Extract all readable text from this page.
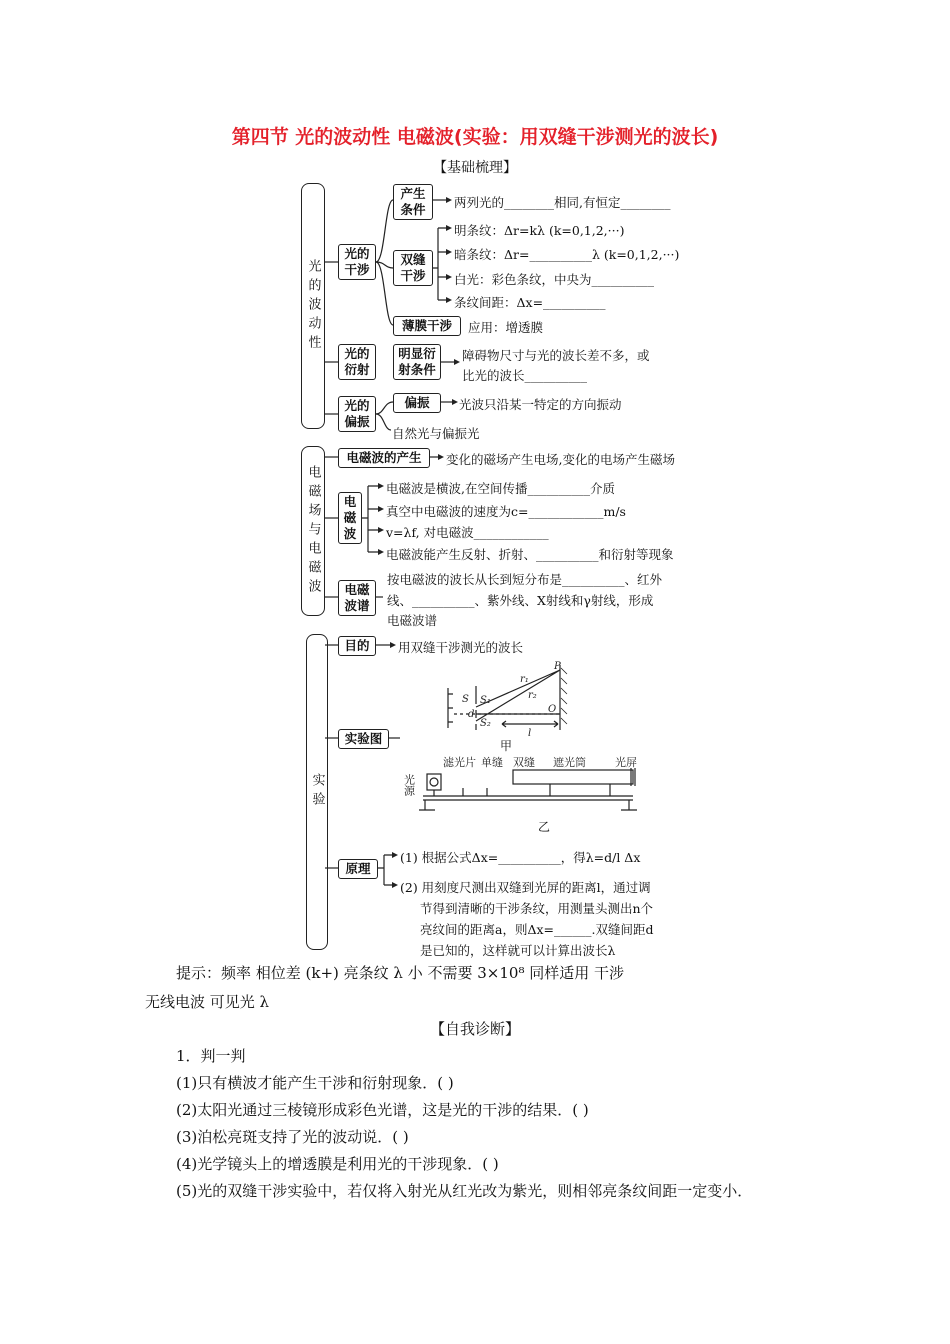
第四节 光的波动性 电磁波(实验：用双缝干涉测光的波长)
【基础梳理】
光的波动性
光的干涉
产生条件	两列光的________相同,有恒定________
双缝干涉
明条纹：Δr=kλ (k=0,1,2,···)
暗条纹：Δr=__________λ (k=0,1,2,···)
白光：彩色条纹，中央为__________
条纹间距：Δx=__________
薄膜干涉	应用：增透膜
光的衍射
明显衍射条件
障碍物尺寸与光的波长差不多，或
比光的波长__________
光的偏振
偏振	光波只沿某一特定的方向振动
自然光与偏振光
电磁场与电磁波
电磁波的产生	变化的磁场产生电场,变化的电场产生磁场
电磁波
电磁波是横波,在空间传播__________介质
真空中电磁波的速度为c=____________m/s
v=λf, 对电磁波____________
电磁波能产生反射、折射、__________和衍射等现象
电磁波谱
按电磁波的波长从长到短分布是__________、红外
线、__________、紫外线、X射线和γ射线，形成
电磁波谱
实验
目的	用双缝干涉测光的波长
实验图
S S₁
S₂
d
P
r₁
r₂
O
l
甲
光源
滤光片 单缝 双缝 遮光筒	光屏
乙
原理
(1) 根据公式Δx=__________，得λ=d/l Δx
(2) 用刻度尺测出双缝到光屏的距离l，通过调
节得到清晰的干涉条纹，用测量头测出n个
亮纹间的距离a，则Δx=______.双缝间距d
是已知的，这样就可以计算出波长λ
提示：频率 相位差 (k+) 亮条纹 λ 小 不需要 3×10⁸ 同样适用 干涉
无线电波 可见光 λ
【自我诊断】
1．判一判
(1)只有横波才能产生干涉和衍射现象．( )
(2)太阳光通过三棱镜形成彩色光谱，这是光的干涉的结果．( )
(3)泊松亮斑支持了光的波动说．( )
(4)光学镜头上的增透膜是利用光的干涉现象．( )
(5)光的双缝干涉实验中，若仅将入射光从红光改为紫光，则相邻亮条纹间距一定变小．
